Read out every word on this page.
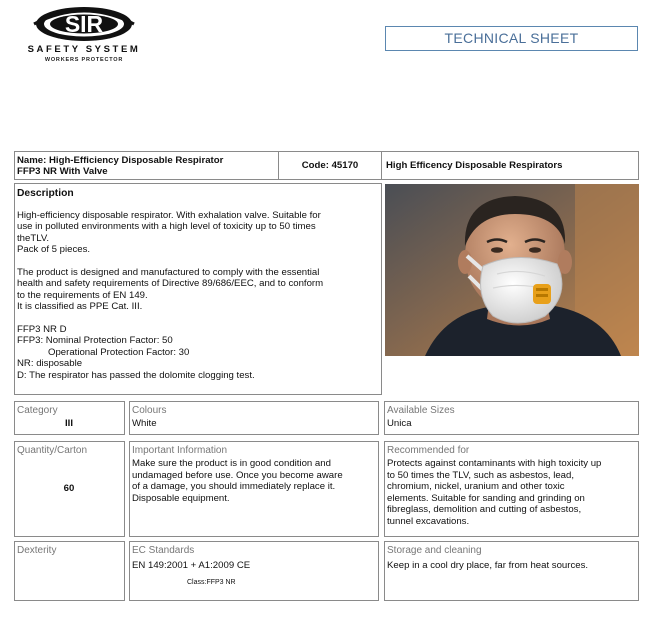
SIR
SAFETY SYSTEM
WORKERS PROTECTOR
TECHNICAL SHEET
Name: High-Efficiency Disposable Respirator
FFP3 NR With Valve
Code: 45170	High Efficency Disposable Respirators
Description

High-efficiency disposable respirator. With exhalation valve. Suitable for
use in polluted environments with a high level of toxicity up to 50 times
theTLV.
Pack of 5 pieces.

The product is designed and manufactured to comply with the essential
health and safety requirements of Directive 89/686/EEC, and to conform
to the requirements of EN 149.
It is classified as PPE Cat. III.

FFP3 NR D
FFP3: Nominal Protection Factor: 50
Operational Protection Factor: 30
NR: disposable
D: The respirator has passed the dolomite clogging test.

Category
III
Colours
White
Available Sizes
Unica
Quantity/Carton
60
Important Information
Make sure the product is in good condition and
undamaged before use. Once you become aware
of a damage, you should immediately replace it.
Disposable equipment.
Recommended for
Protects against contaminants with high toxicity up
to 50 times the TLV, such as asbestos, lead,
chromium, nickel, uranium and other toxic
elements. Suitable for sanding and grinding on
fibreglass, demolition and cutting of asbestos,
tunnel excavations.
Dexterity	EC Standards
EN 149:2001 + A1:2009 CE
Class:FFP3 NR
Storage and cleaning
Keep in a cool dry place, far from heat sources.
